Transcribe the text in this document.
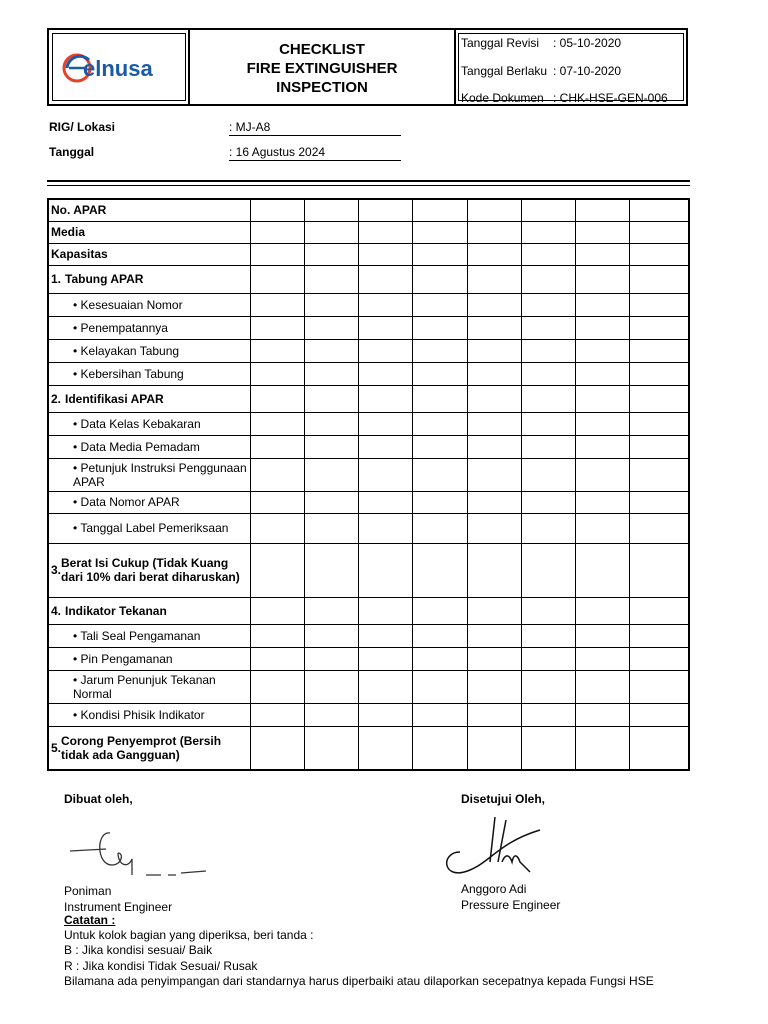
elnusa
CHECKLIST
FIRE EXTINGUISHER
INSPECTION
Tanggal Revisi : 05-10-2020
Tanggal Berlaku : 07-10-2020
Kode Dokumen : CHK-HSE-GEN-006
RIG/ Lokasi	: MJ-A8
Tanggal	: 16 Agustus 2024
No. APAR								
Media								
Kapasitas								

1. Tabung APAR								

• Kesesuaian Nomor								
• Penempatannya								
• Kelayakan Tabung								
• Kebersihan Tabung								

2. Identifikasi APAR								

• Data Kelas Kebakaran								
• Data Media Pemadam								
• Petunjuk Instruksi Penggunaan APAR								
• Data Nomor APAR								
• Tanggal Label Pemeriksaan								

3. Berat Isi Cukup (Tidak Kuang dari 10% dari berat diharuskan)								

4. Indikator Tekanan								

• Tali Seal Pengamanan								
• Pin Pengamanan								
• Jarum Penunjuk Tekanan Normal								
• Kondisi Phisik Indikator								

5. Corong Penyemprot (Bersih tidak ada Gangguan)								

Dibuat oleh,
Poniman
Instrument Engineer
Disetujui Oleh,
Anggoro Adi
Pressure Engineer
Catatan :
Untuk kolok bagian yang diperiksa, beri tanda :
B : Jika kondisi sesuai/ Baik
R : Jika kondisi Tidak Sesuai/ Rusak
Bilamana ada penyimpangan dari standarnya harus diperbaiki atau dilaporkan secepatnya kepada Fungsi HSE
